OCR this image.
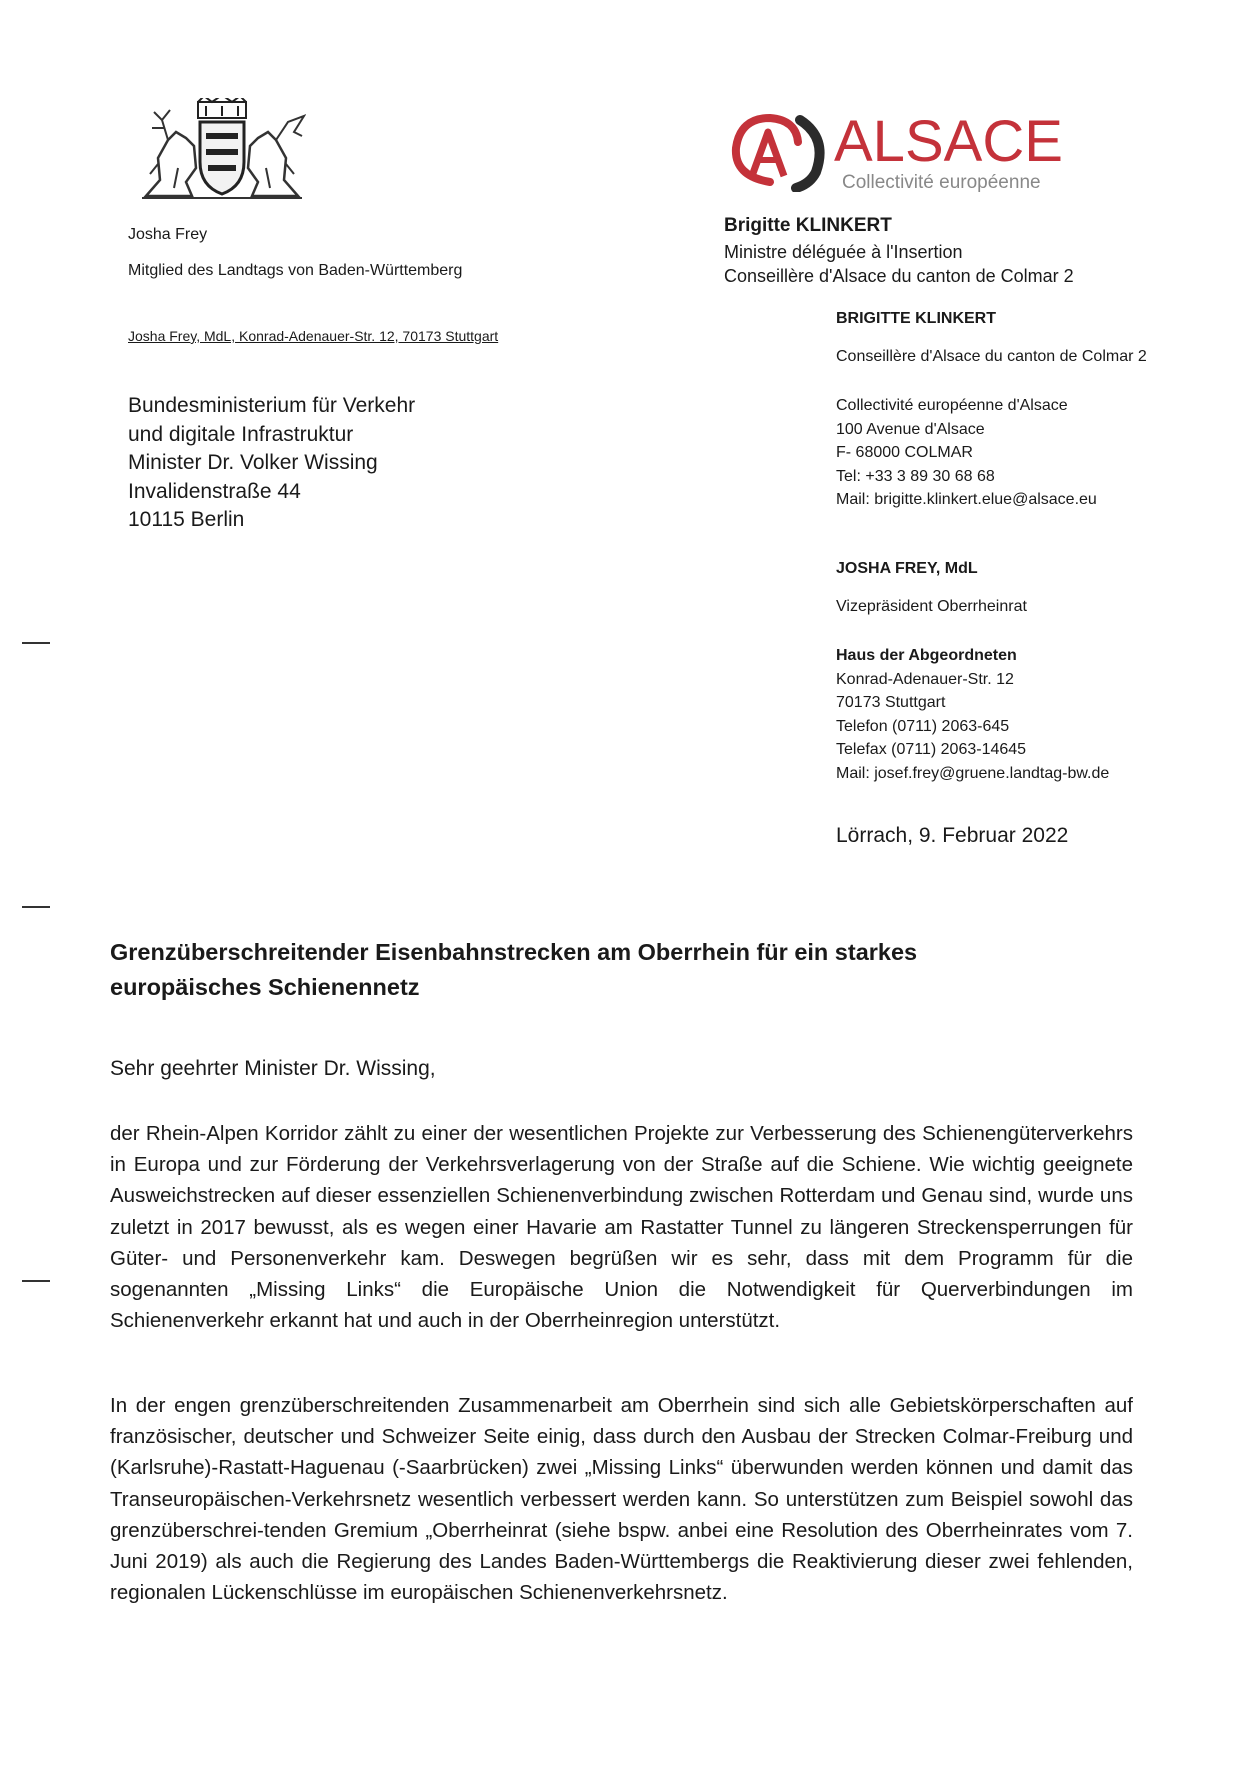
Josha Frey
Mitglied des Landtags von Baden-Württemberg
Josha Frey, MdL, Konrad-Adenauer-Str. 12, 70173 Stuttgart
Bundesministerium für Verkehr
und digitale Infrastruktur
Minister Dr. Volker Wissing
Invalidenstraße 44
10115 Berlin
ALSACE
Collectivité européenne
Brigitte KLINKERT
Ministre déléguée à l'Insertion
Conseillère d'Alsace du canton de Colmar 2
BRIGITTE KLINKERT
Conseillère d'Alsace du canton de Colmar 2
Collectivité européenne d'Alsace
100 Avenue d'Alsace
F- 68000 COLMAR
Tel: +33 3 89 30 68 68
Mail: brigitte.klinkert.elue@alsace.eu
JOSHA FREY, MdL
Vizepräsident Oberrheinrat
Haus der Abgeordneten
Konrad-Adenauer-Str. 12
70173 Stuttgart
Telefon (0711) 2063-645
Telefax (0711) 2063-14645
Mail: josef.frey@gruene.landtag-bw.de
Lörrach, 9. Februar 2022
Grenzüberschreitender Eisenbahnstrecken am Oberrhein für ein starkes
europäisches Schienennetz
Sehr geehrter Minister Dr. Wissing,
der Rhein-Alpen Korridor zählt zu einer der wesentlichen Projekte zur Verbesserung des Schienengüterverkehrs in Europa und zur Förderung der Verkehrsverlagerung von der Straße auf die Schiene. Wie wichtig geeignete Ausweichstrecken auf dieser essenziellen Schienenverbindung zwischen Rotterdam und Genau sind, wurde uns zuletzt in 2017 bewusst, als es wegen einer Havarie am Rastatter Tunnel zu längeren Streckensperrungen für Güter- und Personenverkehr kam. Deswegen begrüßen wir es sehr, dass mit dem Programm für die sogenannten „Missing Links“ die Europäische Union die Notwendigkeit für Querverbindungen im Schienenverkehr erkannt hat und auch in der Oberrheinregion unterstützt.
In der engen grenzüberschreitenden Zusammenarbeit am Oberrhein sind sich alle Gebietskörperschaften auf französischer, deutscher und Schweizer Seite einig, dass durch den Ausbau der Strecken Colmar-Freiburg und (Karlsruhe)-Rastatt-Haguenau (-Saarbrücken) zwei „Missing Links“ überwunden werden können und damit das Transeuropäischen-Verkehrsnetz wesentlich verbessert werden kann. So unterstützen zum Beispiel sowohl das grenzüberschrei-tenden Gremium „Oberrheinrat (siehe bspw. anbei eine Resolution des Oberrheinrates vom 7. Juni 2019) als auch die Regierung des Landes Baden-Württembergs die Reaktivierung dieser zwei fehlenden, regionalen Lückenschlüsse im europäischen Schienenverkehrsnetz.
